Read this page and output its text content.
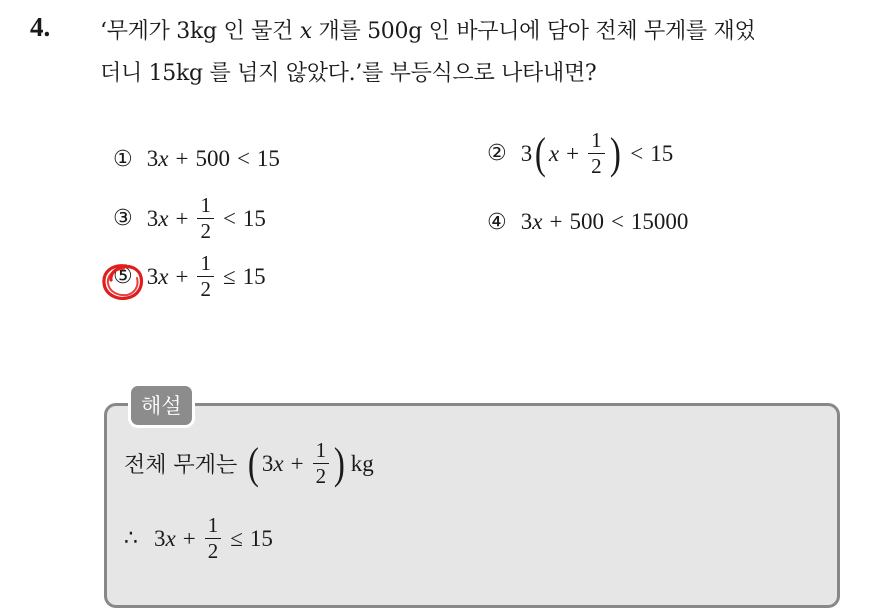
4. ‘무게가 3kg 인 물건 x 개를 500g 인 바구니에 담아 전체 무게를 재었
더니 15kg 를 넘지 않았다.’를 부등식으로 나타내면?
① 3 x + 500 < 15	② 3 ( $x + \frac{1}{2}$ ) < 15
③ 3 $x + \frac{1}{2} < 15$	④ 3 x + 500 < 15000
⑤ 3 $x + \frac{1}{2} \le 15$
해설
전체 무게는 ( 3 $x + \frac{1}{2}$ ) kg
∴ 3 $x + \frac{1}{2} \le 15$
